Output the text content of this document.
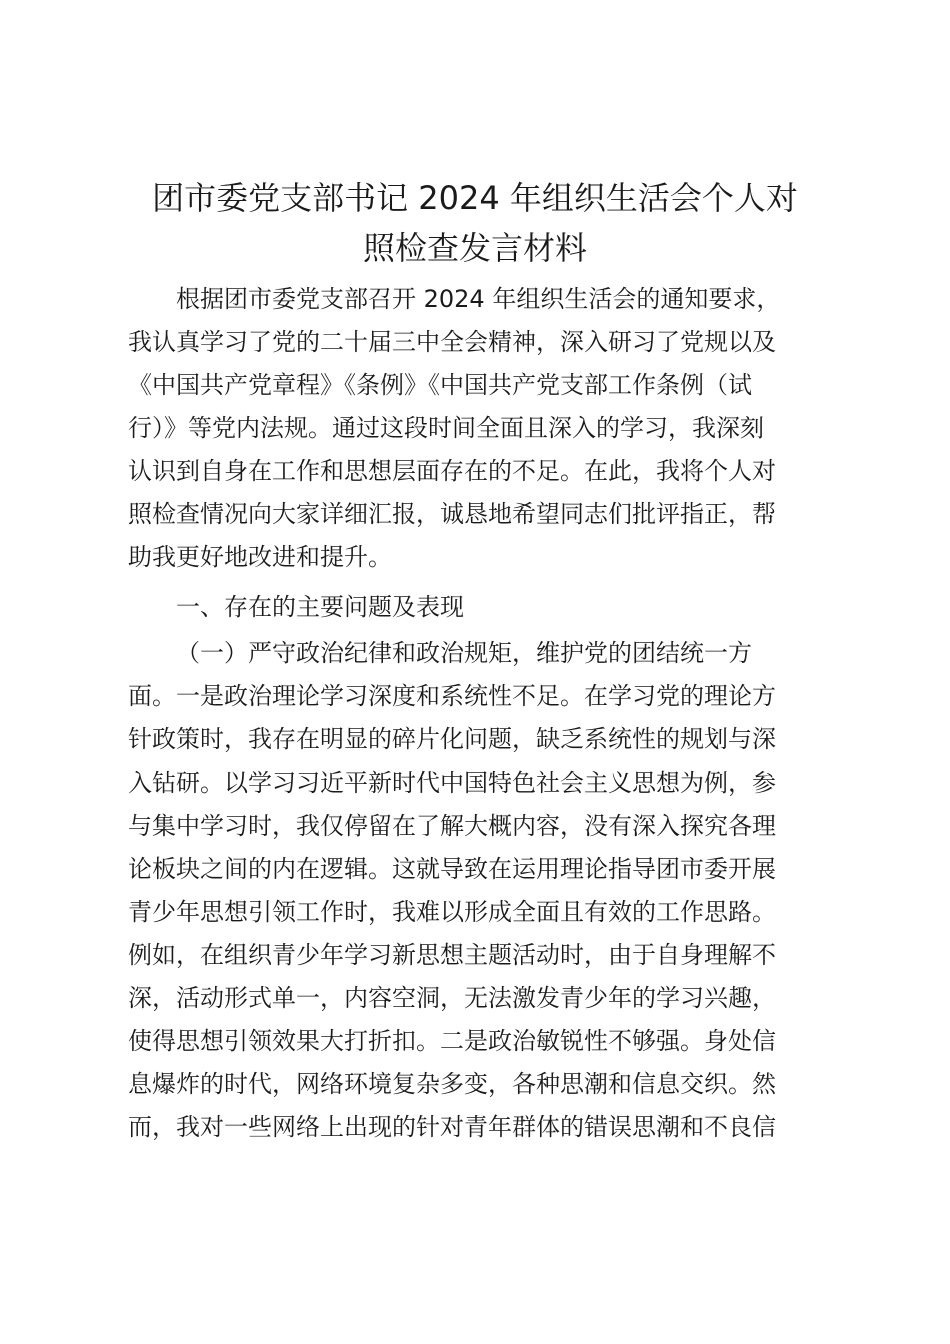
团市委党支部书记 2024 年组织生活会个人对
照检查发言材料

根据团市委党支部召开 2024 年组织生活会的通知要求，

我认真学习了党的二十届三中全会精神，深入研习了党规以及

《中国共产党章程》《条例》《中国共产党支部工作条例（试

行）》等党内法规。通过这段时间全面且深入的学习，我深刻

认识到自身在工作和思想层面存在的不足。在此，我将个人对

照检查情况向大家详细汇报，诚恳地希望同志们批评指正，帮

助我更好地改进和提升。

一、存在的主要问题及表现

（一）严守政治纪律和政治规矩，维护党的团结统一方

面。一是政治理论学习深度和系统性不足。在学习党的理论方

针政策时，我存在明显的碎片化问题，缺乏系统性的规划与深

入钻研。以学习习近平新时代中国特色社会主义思想为例，参

与集中学习时，我仅停留在了解大概内容，没有深入探究各理

论板块之间的内在逻辑。这就导致在运用理论指导团市委开展

青少年思想引领工作时，我难以形成全面且有效的工作思路。

例如，在组织青少年学习新思想主题活动时，由于自身理解不

深，活动形式单一，内容空洞，无法激发青少年的学习兴趣，

使得思想引领效果大打折扣。二是政治敏锐性不够强。身处信

息爆炸的时代，网络环境复杂多变，各种思潮和信息交织。然

而，我对一些网络上出现的针对青年群体的错误思潮和不良信
